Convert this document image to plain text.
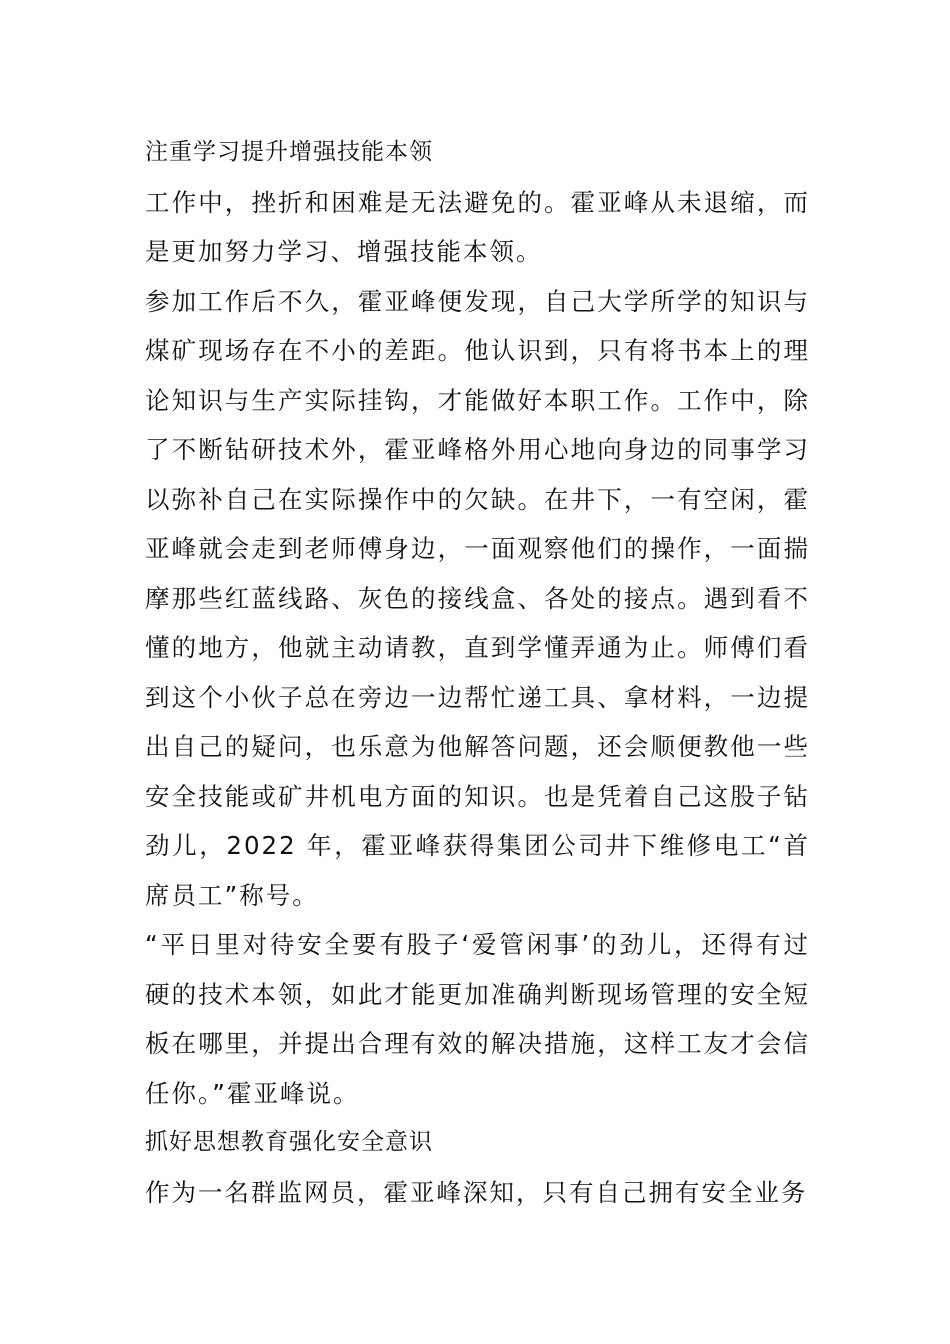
注重学习提升增强技能本领

工作中，挫折和困难是无法避免的。霍亚峰从未退缩，而是更加努力学习、增强技能本领。

参加工作后不久，霍亚峰便发现，自己大学所学的知识与煤矿现场存在不小的差距。他认识到，只有将书本上的理论知识与生产实际挂钩，才能做好本职工作。工作中，除了不断钻研技术外，霍亚峰格外用心地向身边的同事学习以弥补自己在实际操作中的欠缺。在井下，一有空闲，霍亚峰就会走到老师傅身边，一面观察他们的操作，一面揣摩那些红蓝线路、灰色的接线盒、各处的接点。遇到看不懂的地方，他就主动请教，直到学懂弄通为止。师傅们看到这个小伙子总在旁边一边帮忙递工具、拿材料，一边提出自己的疑问，也乐意为他解答问题，还会顺便教他一些安全技能或矿井机电方面的知识。也是凭着自己这股子钻劲儿，2022 年，霍亚峰获得集团公司井下维修电工“首席员工”称号。

“平日里对待安全要有股子‘爱管闲事’的劲儿，还得有过硬的技术本领，如此才能更加准确判断现场管理的安全短板在哪里，并提出合理有效的解决措施，这样工友才会信任你。”霍亚峰说。

抓好思想教育强化安全意识

作为一名群监网员，霍亚峰深知，只有自己拥有安全业务
